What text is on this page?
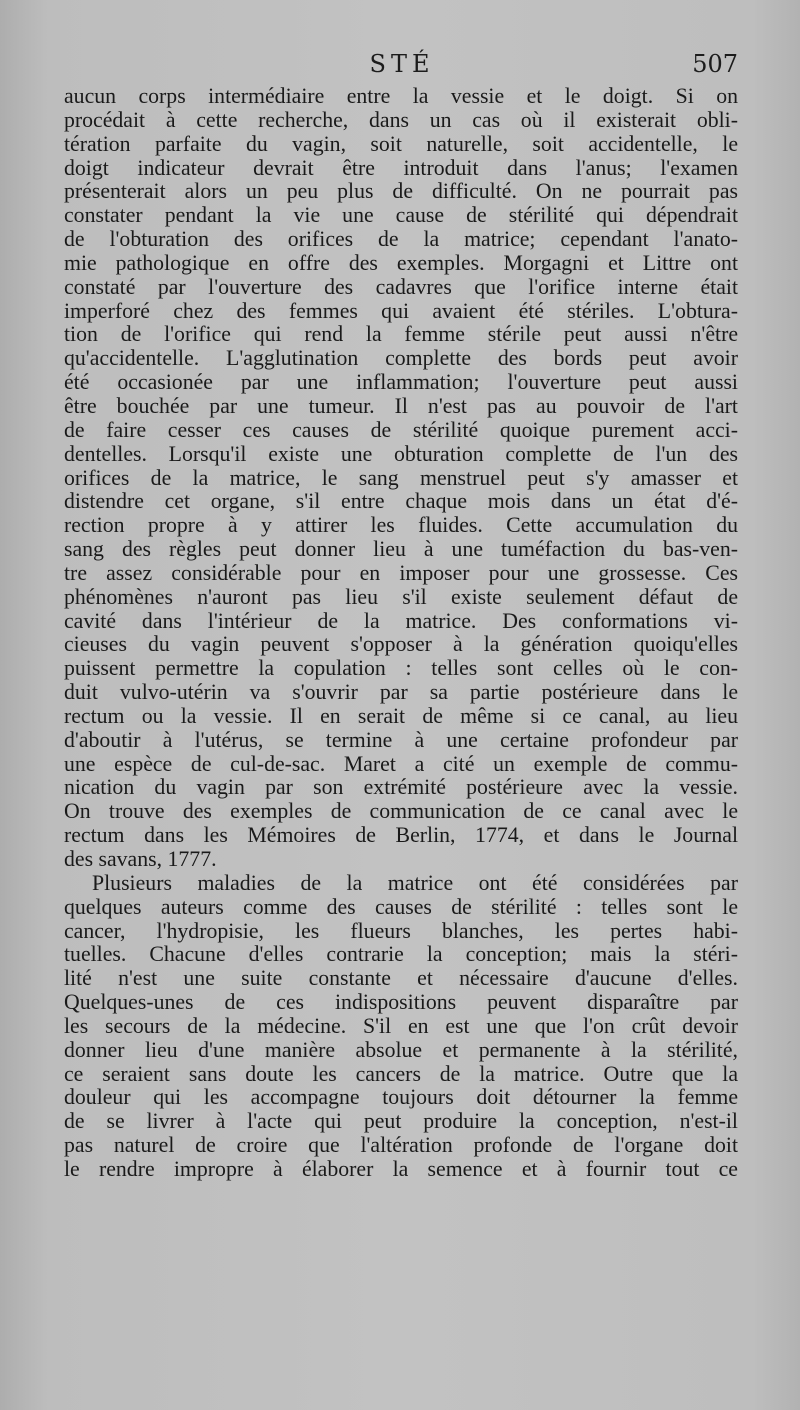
STÉ	507
aucun corps intermédiaire entre la vessie et le doigt. Si on
procédait à cette recherche, dans un cas où il existerait obli-
tération parfaite du vagin, soit naturelle, soit accidentelle, le
doigt indicateur devrait être introduit dans l'anus; l'examen
présenterait alors un peu plus de difficulté. On ne pourrait pas
constater pendant la vie une cause de stérilité qui dépendrait
de l'obturation des orifices de la matrice; cependant l'anato-
mie pathologique en offre des exemples. Morgagni et Littre ont
constaté par l'ouverture des cadavres que l'orifice interne était
imperforé chez des femmes qui avaient été stériles. L'obtura-
tion de l'orifice qui rend la femme stérile peut aussi n'être
qu'accidentelle. L'agglutination complette des bords peut avoir
été occasionée par une inflammation; l'ouverture peut aussi
être bouchée par une tumeur. Il n'est pas au pouvoir de l'art
de faire cesser ces causes de stérilité quoique purement acci-
dentelles. Lorsqu'il existe une obturation complette de l'un des
orifices de la matrice, le sang menstruel peut s'y amasser et
distendre cet organe, s'il entre chaque mois dans un état d'é-
rection propre à y attirer les fluides. Cette accumulation du
sang des règles peut donner lieu à une tuméfaction du bas-ven-
tre assez considérable pour en imposer pour une grossesse. Ces
phénomènes n'auront pas lieu s'il existe seulement défaut de
cavité dans l'intérieur de la matrice. Des conformations vi-
cieuses du vagin peuvent s'opposer à la génération quoiqu'elles
puissent permettre la copulation : telles sont celles où le con-
duit vulvo-utérin va s'ouvrir par sa partie postérieure dans le
rectum ou la vessie. Il en serait de même si ce canal, au lieu
d'aboutir à l'utérus, se termine à une certaine profondeur par
une espèce de cul-de-sac. Maret a cité un exemple de commu-
nication du vagin par son extrémité postérieure avec la vessie.
On trouve des exemples de communication de ce canal avec le
rectum dans les Mémoires de Berlin, 1774, et dans le Journal
des savans, 1777.
Plusieurs maladies de la matrice ont été considérées par
quelques auteurs comme des causes de stérilité : telles sont le
cancer, l'hydropisie, les flueurs blanches, les pertes habi-
tuelles. Chacune d'elles contrarie la conception; mais la stéri-
lité n'est une suite constante et nécessaire d'aucune d'elles.
Quelques-unes de ces indispositions peuvent disparaître par
les secours de la médecine. S'il en est une que l'on crût devoir
donner lieu d'une manière absolue et permanente à la stérilité,
ce seraient sans doute les cancers de la matrice. Outre que la
douleur qui les accompagne toujours doit détourner la femme
de se livrer à l'acte qui peut produire la conception, n'est-il
pas naturel de croire que l'altération profonde de l'organe doit
le rendre impropre à élaborer la semence et à fournir tout ce
